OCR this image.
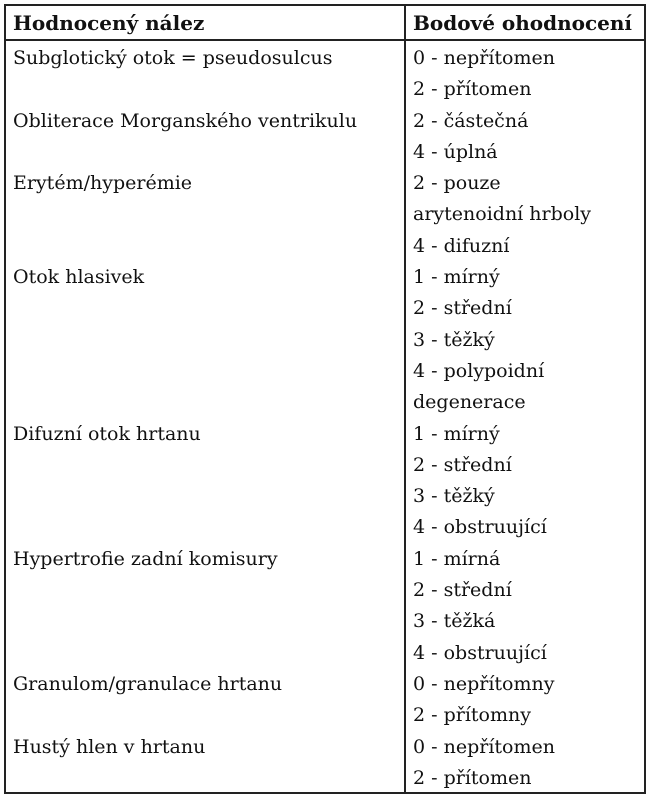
Hodnocený nález	Bodové ohodnocení
Subglotický otok = pseudosulcus	0 - nepřítomen
2 - přítomen
Obliterace Morganského ventrikulu	2 - částečná
4 - úplná
Erytém/hyperémie	2 - pouze
arytenoidní hrboly
4 - difuzní
Otok hlasivek	1 - mírný
2 - střední
3 - těžký
4 - polypoidní
degenerace
Difuzní otok hrtanu	1 - mírný
2 - střední
3 - těžký
4 - obstruující
Hypertrofie zadní komisury	1 - mírná
2 - střední
3 - těžká
4 - obstruující
Granulom/granulace hrtanu	0 - nepřítomny
2 - přítomny
Hustý hlen v hrtanu	0 - nepřítomen
2 - přítomen
